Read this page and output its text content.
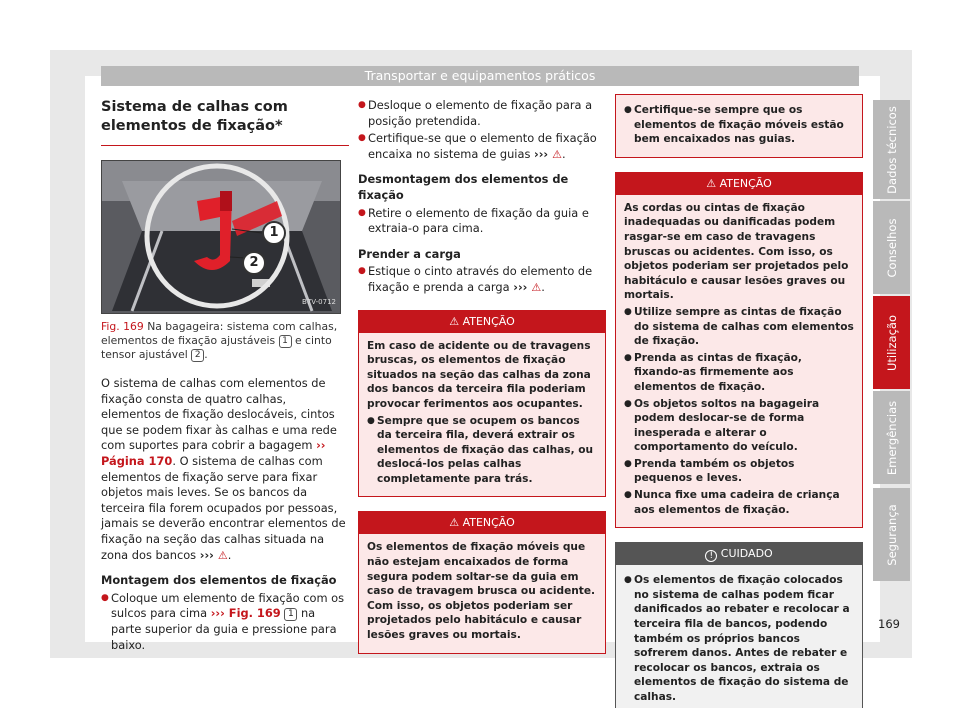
Transportar e equipamentos práticos
Sistema de calhas com elementos de fixação*
1
2
B7V-0712
Fig. 169 Na bagageira: sistema com calhas, elementos de fixação ajustáveis 1 e cinto tensor ajustável 2 .

O sistema de calhas com elementos de fixação consta de quatro calhas, elementos de fixação deslocáveis, cintos que se podem fixar às calhas e uma rede com suportes para cobrir a bagagem ›› Página 170. O sistema de calhas com elementos de fixação serve para fixar objetos mais leves. Se os bancos da terceira fila forem ocupados por pessoas, jamais se deverão encontrar elementos de fixação na seção das calhas situada na zona dos bancos ››› ⚠.

Montagem dos elementos de fixação
● Coloque um elemento de fixação com os sulcos para cima ››› Fig. 169 1 na parte superior da guia e pressione para baixo.
● Desloque o elemento de fixação para a posição pretendida.
● Certifique-se que o elemento de fixação encaixa no sistema de guias ››› ⚠.
Desmontagem dos elementos de fixação
● Retire o elemento de fixação da guia e extraia-o para cima.
Prender a carga
● Estique o cinto através do elemento de fixação e prenda a carga ››› ⚠.
⚠ ATENÇÃO
Em caso de acidente ou de travagens bruscas, os elementos de fixação situados na seção das calhas da zona dos bancos da terceira fila poderiam provocar ferimentos aos ocupantes.
● Sempre que se ocupem os bancos da terceira fila, deverá extrair os elementos de fixação das calhas, ou deslocá-los pelas calhas completamente para trás.
⚠ ATENÇÃO
Os elementos de fixação móveis que não estejam encaixados de forma segura podem soltar-se da guia em caso de travagem brusca ou acidente. Com isso, os objetos poderiam ser projetados pelo habitáculo e causar lesões graves ou mortais.
● Certifique-se sempre que os elementos de fixação móveis estão bem encaixados nas guias.
⚠ ATENÇÃO
As cordas ou cintas de fixação inadequadas ou danificadas podem rasgar-se em caso de travagens bruscas ou acidentes. Com isso, os objetos poderiam ser projetados pelo habitáculo e causar lesões graves ou mortais.
● Utilize sempre as cintas de fixação do sistema de calhas com elementos de fixação.
● Prenda as cintas de fixação, fixando-as firmemente aos elementos de fixação.
● Os objetos soltos na bagageira podem deslocar-se de forma inesperada e alterar o comportamento do veículo.
● Prenda também os objetos pequenos e leves.
● Nunca fixe uma cadeira de criança aos elementos de fixação.
! CUIDADO
● Os elementos de fixação colocados no sistema de calhas podem ficar danificados ao rebater e recolocar a terceira fila de bancos, podendo também os próprios bancos sofrerem danos. Antes de rebater e recolocar os bancos, extraia os elementos de fixação do sistema de calhas.
Dados técnicos
Conselhos
Utilização
Emergências
Segurança
169
